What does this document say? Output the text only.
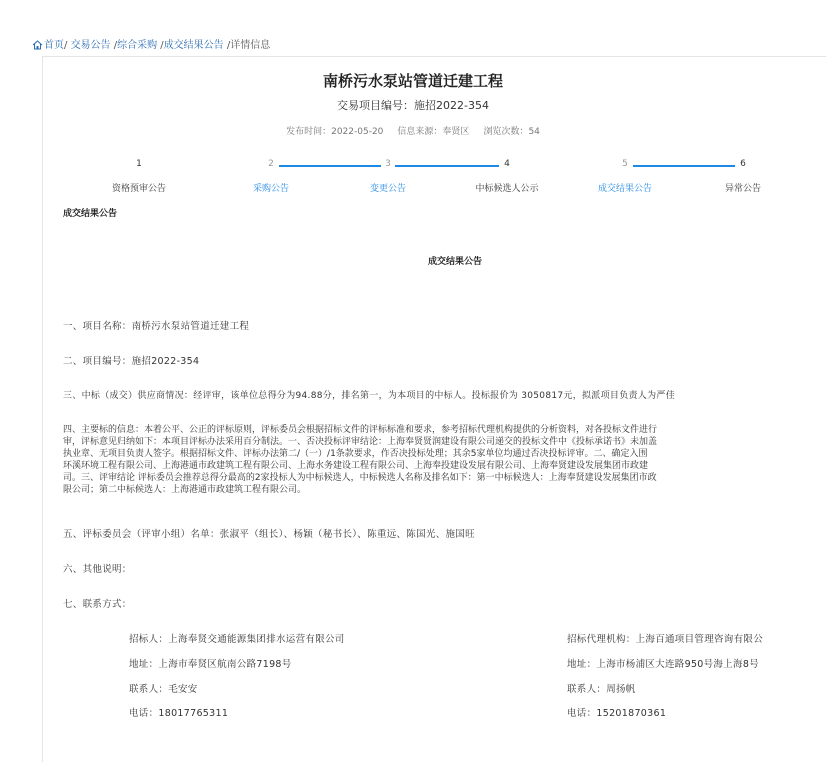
首页/ 交易公告 /综合采购 /成交结果公告 /详情信息
南桥污水泵站管道迁建工程
交易项目编号：施招2022-354
发布时间：2022-05-20 信息来源：奉贤区 浏览次数：54
1	2	3	4	5	6
资格预审公告	采购公告	变更公告	中标候选人公示	成交结果公告	异常公告
成交结果公告
成交结果公告
一、项目名称：南桥污水泵站管道迁建工程
二、项目编号：施招2022-354
三、中标（成交）供应商情况：经评审，该单位总得分为94.88分，排名第一，为本项目的中标人。投标报价为 3050817元，拟派项目负责人为严佳
四、主要标的信息：本着公平、公正的评标原则，评标委员会根据招标文件的评标标准和要求，参考招标代理机构提供的分析资料，对各投标文件进行
审，评标意见归纳如下：本项目评标办法采用百分制法。一、否决投标评审结论：上海奉贤贤润建设有限公司递交的投标文件中《投标承诺书》未加盖
执业章、无项目负责人签字。根据招标文件、评标办法第二/（一）/1条款要求，作否决投标处理；其余5家单位均通过否决投标评审。二、确定入围
环溪环境工程有限公司、上海港通市政建筑工程有限公司、上海水务建设工程有限公司、上海奉投建设发展有限公司、上海奉贤建设发展集团市政建
司。三、评审结论 评标委员会推荐总得分最高的2家投标人为中标候选人，中标候选人名称及排名如下：第一中标候选人：上海奉贤建设发展集团市政
限公司；第二中标候选人：上海港通市政建筑工程有限公司。
五、评标委员会（评审小组）名单：张淑平（组长）、杨颖（秘书长）、陈重远、陈国光、施国旺
六、其他说明：
七、联系方式：
招标人：上海奉贤交通能源集团排水运营有限公司
地址：上海市奉贤区航南公路7198号
联系人：毛安安
电话：18017765311
招标代理机构：上海百通项目管理咨询有限公
地址：上海市杨浦区大连路950号海上海8号
联系人：周扬帆
电话：15201870361
